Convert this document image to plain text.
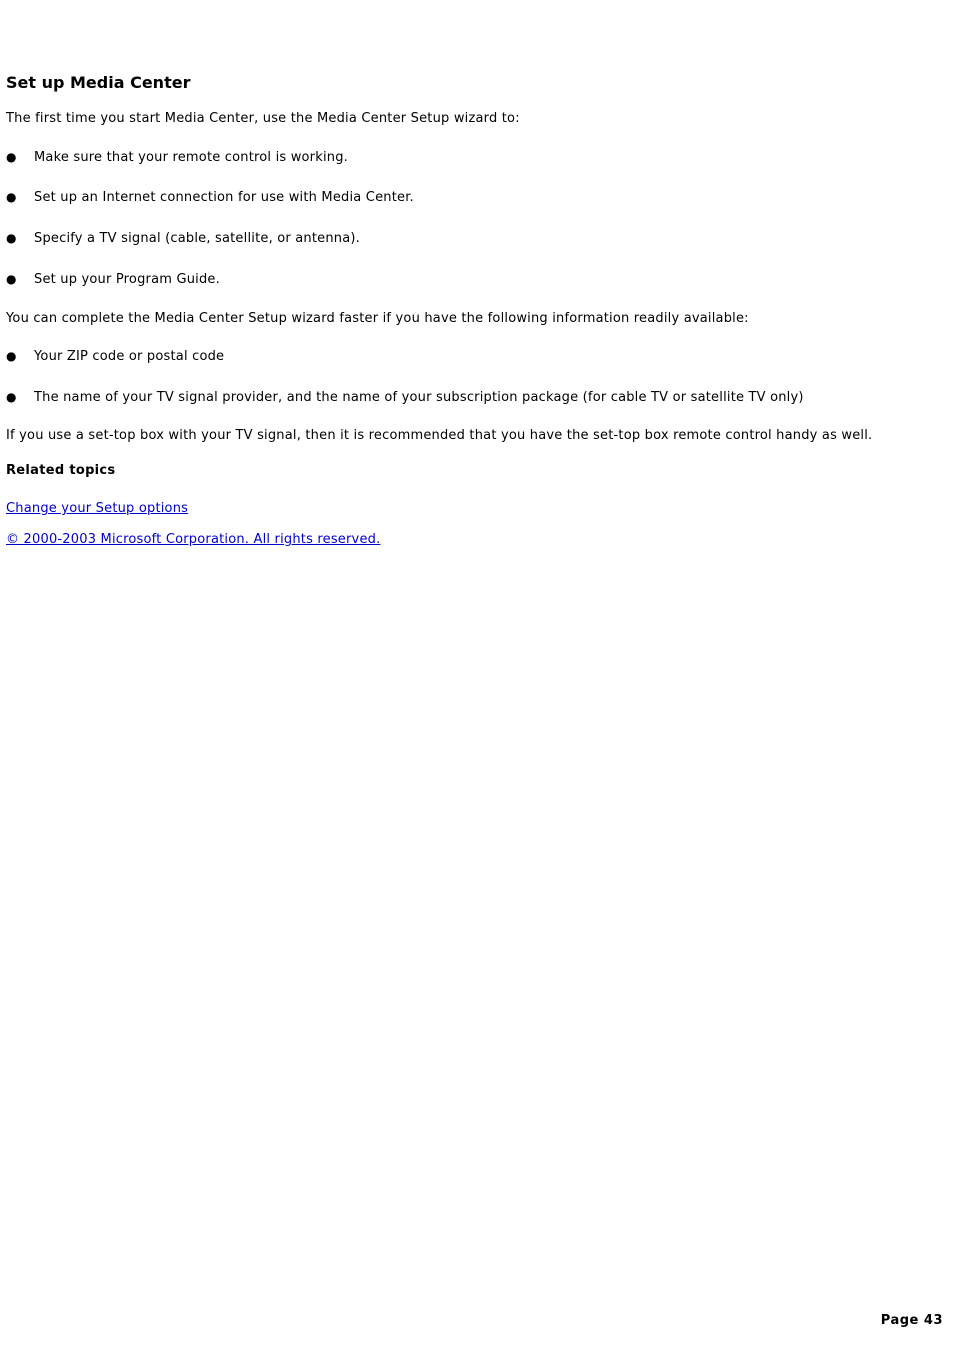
Set up Media Center

The first time you start Media Center, use the Media Center Setup wizard to:

● Make sure that your remote control is working.
● Set up an Internet connection for use with Media Center.
● Specify a TV signal (cable, satellite, or antenna).
● Set up your Program Guide.

You can complete the Media Center Setup wizard faster if you have the following information readily available:

● Your ZIP code or postal code
● The name of your TV signal provider, and the name of your subscription package (for cable TV or satellite TV only)

If you use a set-top box with your TV signal, then it is recommended that you have the set-top box remote control handy as well.

Related topics
Change your Setup options
© 2000-2003 Microsoft Corporation. All rights reserved.
Page 43
